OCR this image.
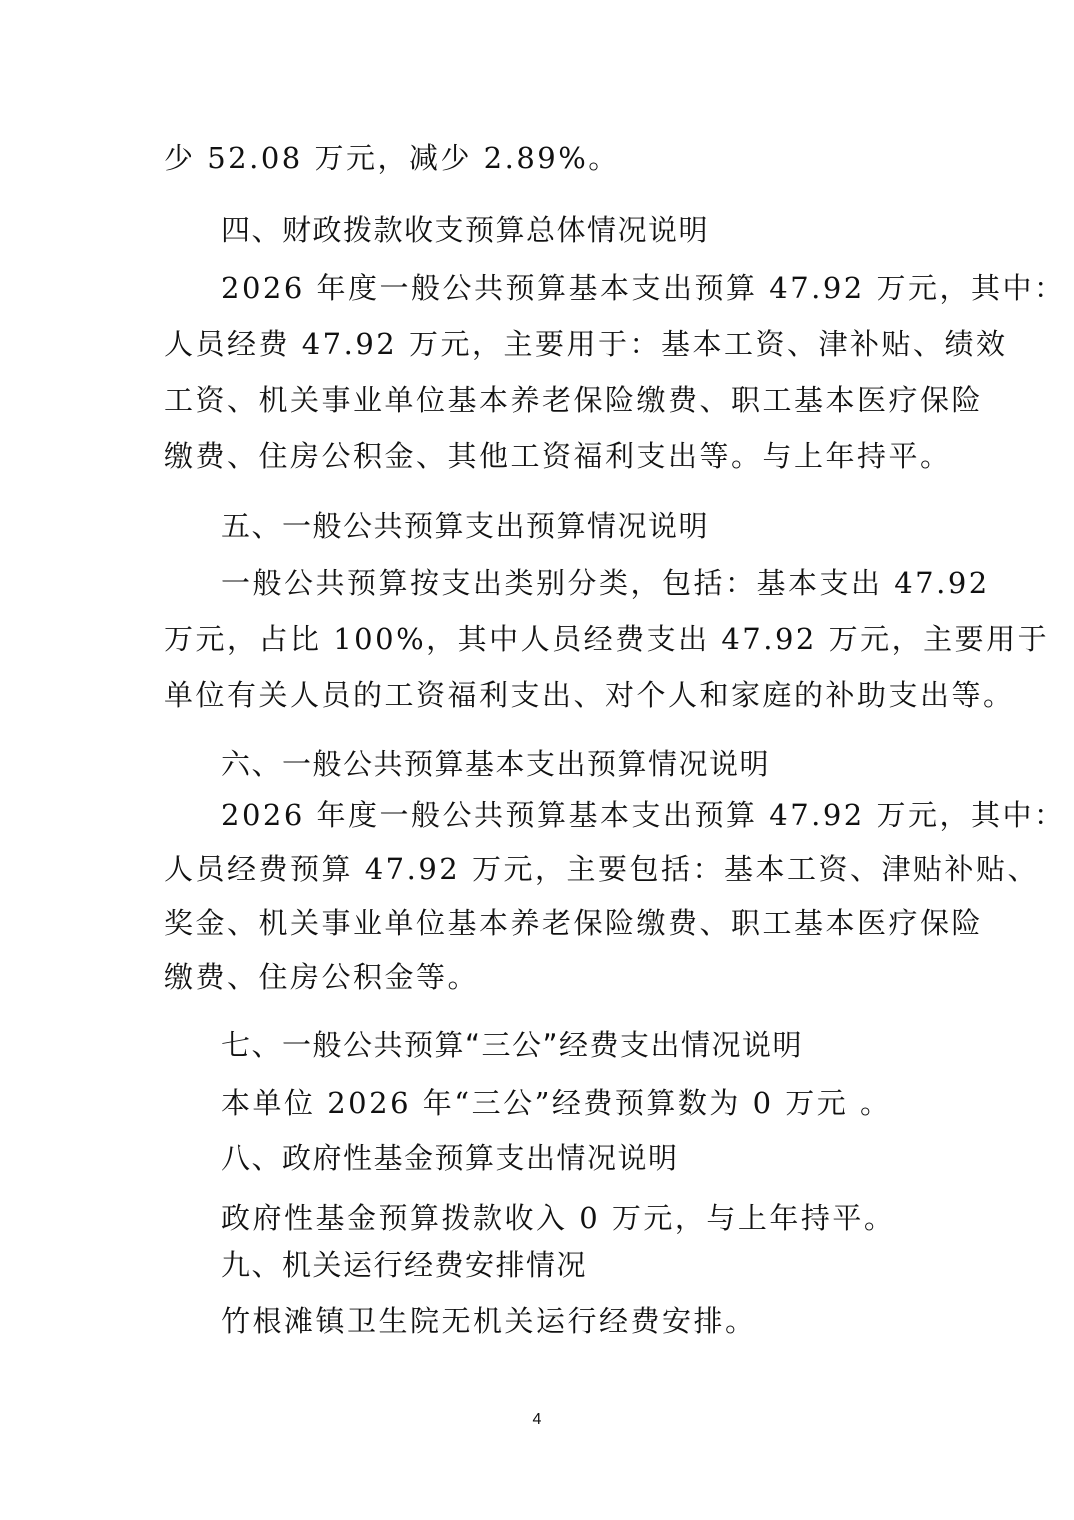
少 52.08 万元，减少 2.89%。
四、财政拨款收支预算总体情况说明
2026 年度一般公共预算基本支出预算 47.92 万元，其中：
人员经费 47.92 万元，主要用于：基本工资、津补贴、绩效
工资、机关事业单位基本养老保险缴费、职工基本医疗保险
缴费、住房公积金、其他工资福利支出等。与上年持平。
五、一般公共预算支出预算情况说明
一般公共预算按支出类别分类，包括：基本支出 47.92
万元，占比 100%，其中人员经费支出 47.92 万元，主要用于
单位有关人员的工资福利支出、对个人和家庭的补助支出等。
六、一般公共预算基本支出预算情况说明
2026 年度一般公共预算基本支出预算 47.92 万元，其中：
人员经费预算 47.92 万元，主要包括：基本工资、津贴补贴、
奖金、机关事业单位基本养老保险缴费、职工基本医疗保险
缴费、住房公积金等。
七、一般公共预算“三公”经费支出情况说明
本单位 2026 年“三公”经费预算数为 0 万元 。
八、政府性基金预算支出情况说明
政府性基金预算拨款收入 0 万元，与上年持平。
九、机关运行经费安排情况
竹根滩镇卫生院无机关运行经费安排。
4
